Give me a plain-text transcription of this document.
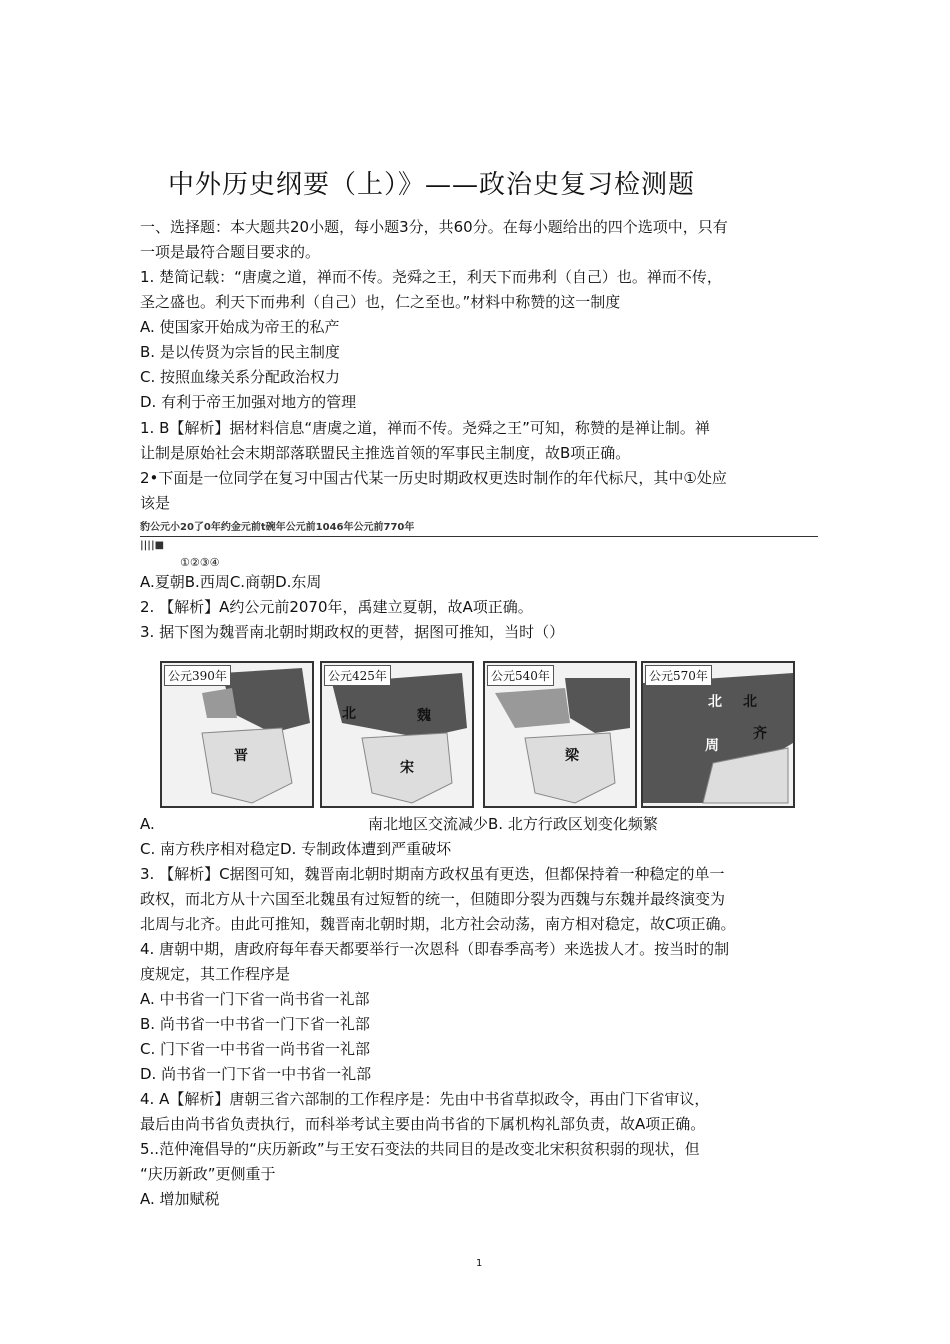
中外历史纲要（上）》——政治史复习检测题
一、选择题：本大题共20小题，每小题3分，共60分。在每小题给出的四个选项中，只有
一项是最符合题目要求的。
1. 楚简记载：“唐虞之道，禅而不传。尧舜之王，利天下而弗利（自己）也。禅而不传，
圣之盛也。利天下而弗利（自己）也，仁之至也。”材料中称赞的这一制度
A. 使国家开始成为帝王的私产
B. 是以传贤为宗旨的民主制度
C. 按照血缘关系分配政治权力
D. 有利于帝王加强对地方的管理
1. B【解析】据材料信息“唐虞之道，禅而不传。尧舜之王”可知，称赞的是禅让制。禅
让制是原始社会末期部落联盟民主推选首领的军事民主制度，故B项正确。
2•下面是一位同学在复习中国古代某一历史时期政权更迭时制作的年代标尺，其中①处应
该是
豹公元小20了0年约金元前t碗年公元前1046年公元前770年
||||■
①②③④
A.夏朝B.西周C.商朝D.东周
2. 【解析】A约公元前2070年，禹建立夏朝，故A项正确。
3. 据下图为魏晋南北朝时期政权的更替，据图可推知，当时（）
公元390年
晋
公元425年
北	魏
宋
公元540年
梁
公元570年
北 北
齐
周
A.	南北地区交流减少B. 北方行政区划变化频繁
C. 南方秩序相对稳定D. 专制政体遭到严重破坏
3. 【解析】C据图可知，魏晋南北朝时期南方政权虽有更迭，但都保持着一种稳定的单一
政权，而北方从十六国至北魏虽有过短暂的统一，但随即分裂为西魏与东魏并最终演变为
北周与北齐。由此可推知，魏晋南北朝时期，北方社会动荡，南方相对稳定，故C项正确。
4. 唐朝中期，唐政府每年春天都要举行一次恩科（即春季高考）来选拔人才。按当时的制
度规定，其工作程序是
A. 中书省一门下省一尚书省一礼部
B. 尚书省一中书省一门下省一礼部
C. 门下省一中书省一尚书省一礼部
D. 尚书省一门下省一中书省一礼部
4. A【解析】唐朝三省六部制的工作程序是：先由中书省草拟政令，再由门下省审议，
最后由尚书省负责执行，而科举考试主要由尚书省的下属机构礼部负责，故A项正确。
5..范仲淹倡导的“庆历新政”与王安石变法的共同目的是改变北宋积贫积弱的现状，但
“庆历新政”更侧重于
A. 增加赋税
1
